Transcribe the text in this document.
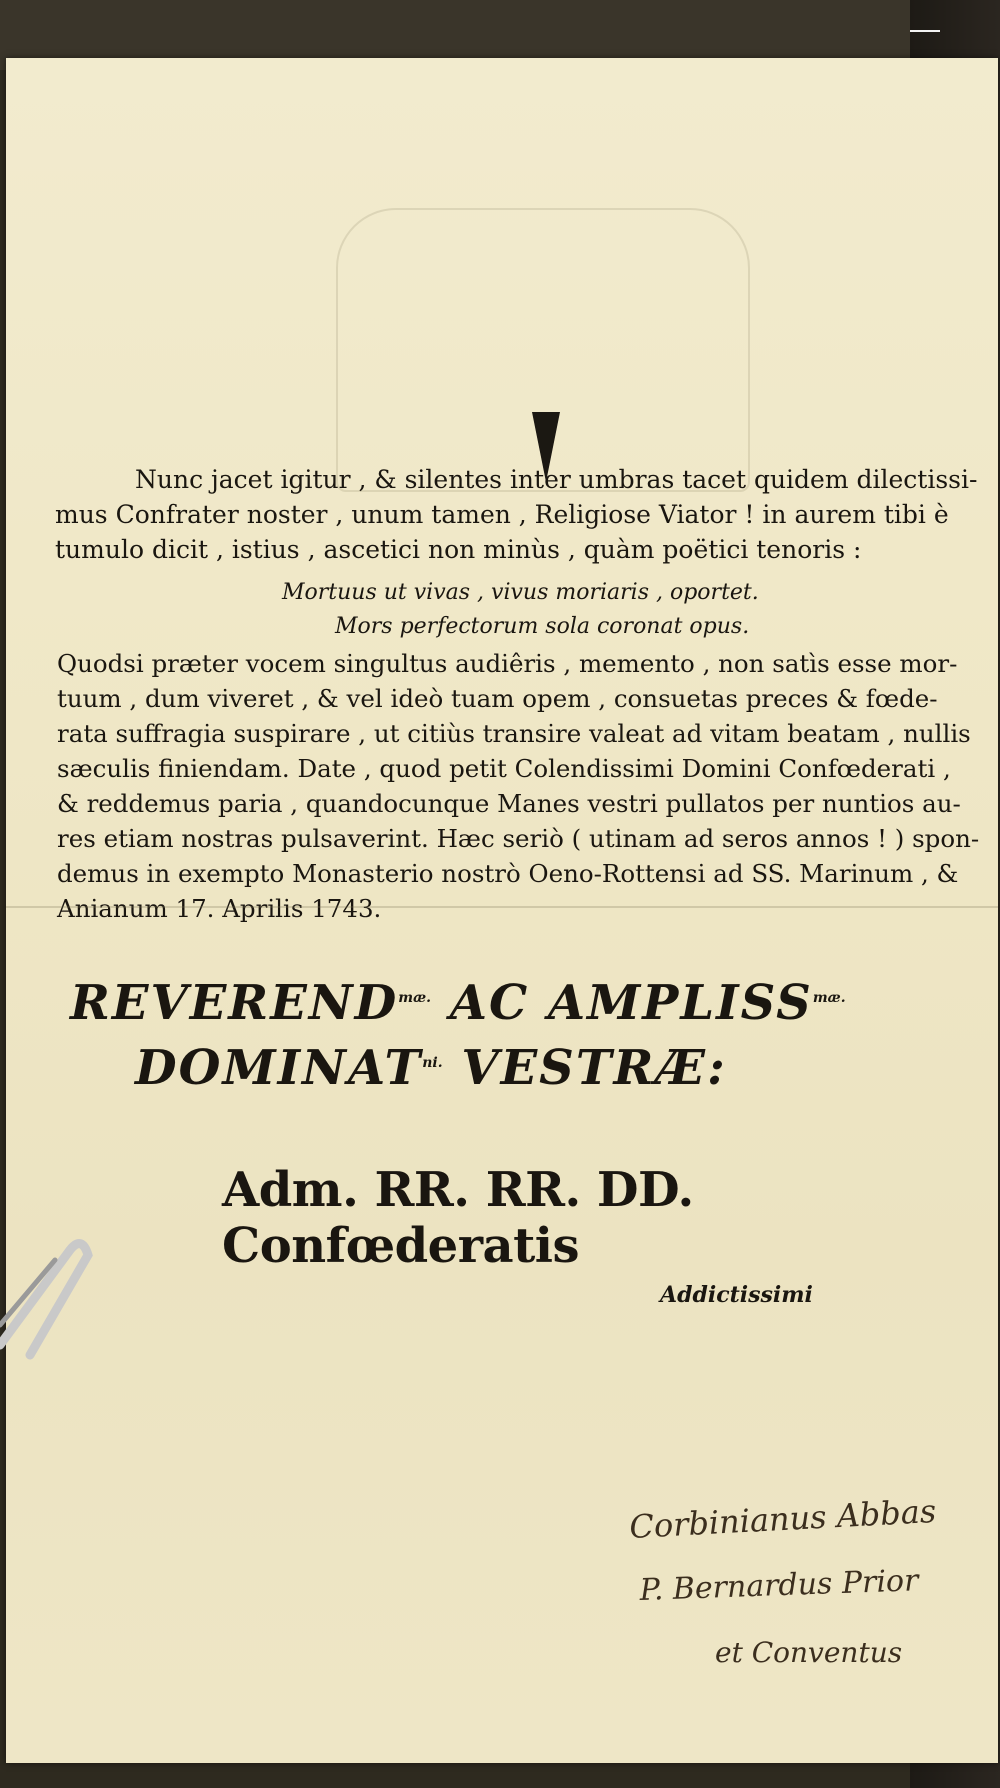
Nunc jacet igitur , & silentes inter umbras tacet quidem dilectissi-

mus Confrater noster , unum tamen , Religiose Viator ! in aurem tibi è

tumulo dicit , istius , ascetici non minùs , quàm poëtici tenoris :

Mortuus ut vivas , vivus moriaris , oportet.
Mors perfectorum sola coronat opus.

Quodsi præter vocem singultus audiêris , memento , non satìs esse mor-

tuum , dum viveret , & vel ideò tuam opem , consuetas preces & fœde-

rata suffragia suspirare , ut citiùs transire valeat ad vitam beatam , nullis

sæculis finiendam. Date , quod petit Colendissimi Domini Confœderati ,

& reddemus paria , quandocunque Manes vestri pullatos per nuntios au-

res etiam nostras pulsaverint. Hæc seriò ( utinam ad seros annos ! ) spon-

demus in exempto Monasterio nostrò Oeno-Rottensi ad SS. Marinum , &

Anianum 17. Aprilis 1743.

$REVEREND^{mæ.}$ AC $AMPLISS^{mæ.}$
$DOMINAT^{ni.}$ VESTRÆ:
Adm. RR. RR. DD. Confœderatis
Addictissimi
Corbinianus Abbas
P. Bernardus Prior
et Conventus
